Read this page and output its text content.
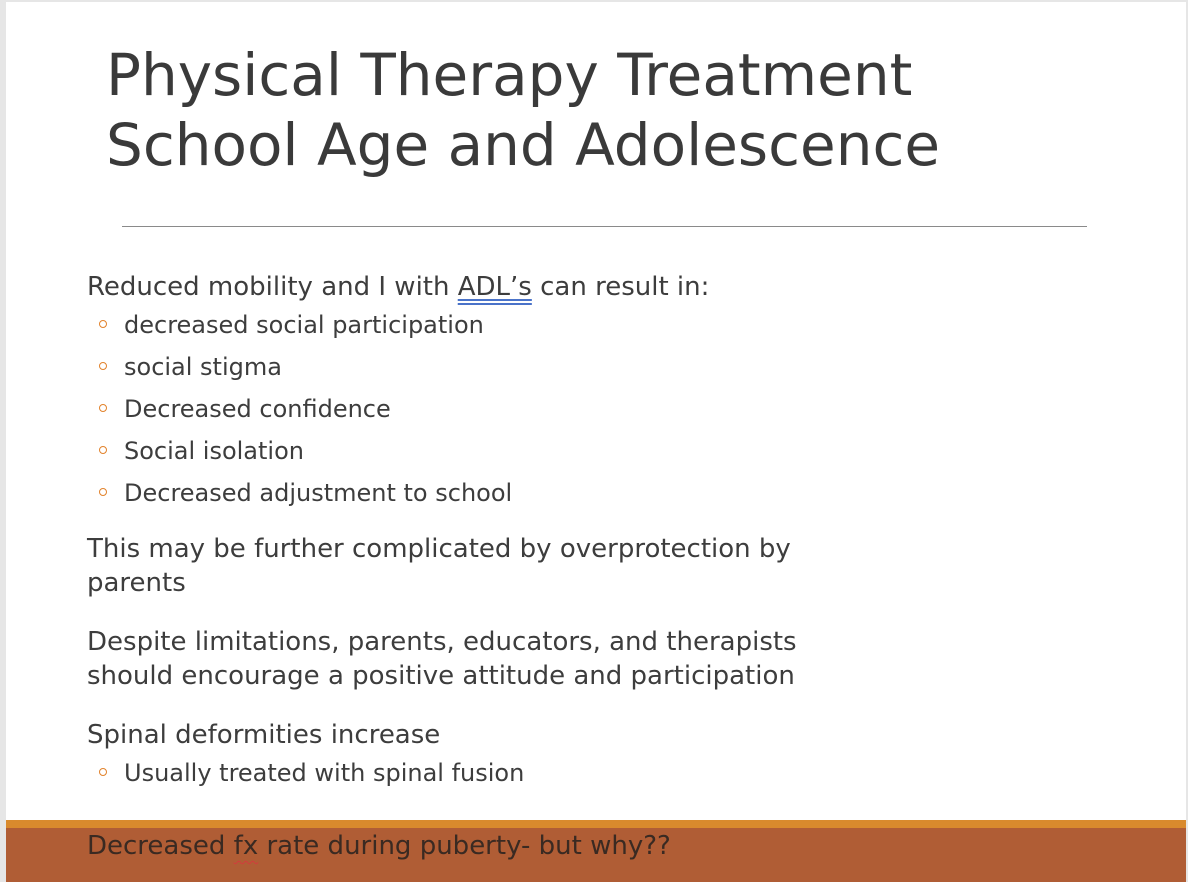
Physical Therapy Treatment
School Age and Adolescence

Reduced mobility and I with ADL’s can result in:

decreased social participation
social stigma
Decreased confidence
Social isolation
Decreased adjustment to school

This may be further complicated by overprotection by parents

Despite limitations, parents, educators, and therapists should encourage a positive attitude and participation

Spinal deformities increase

Usually treated with spinal fusion

Decreased fx rate during puberty- but why??
